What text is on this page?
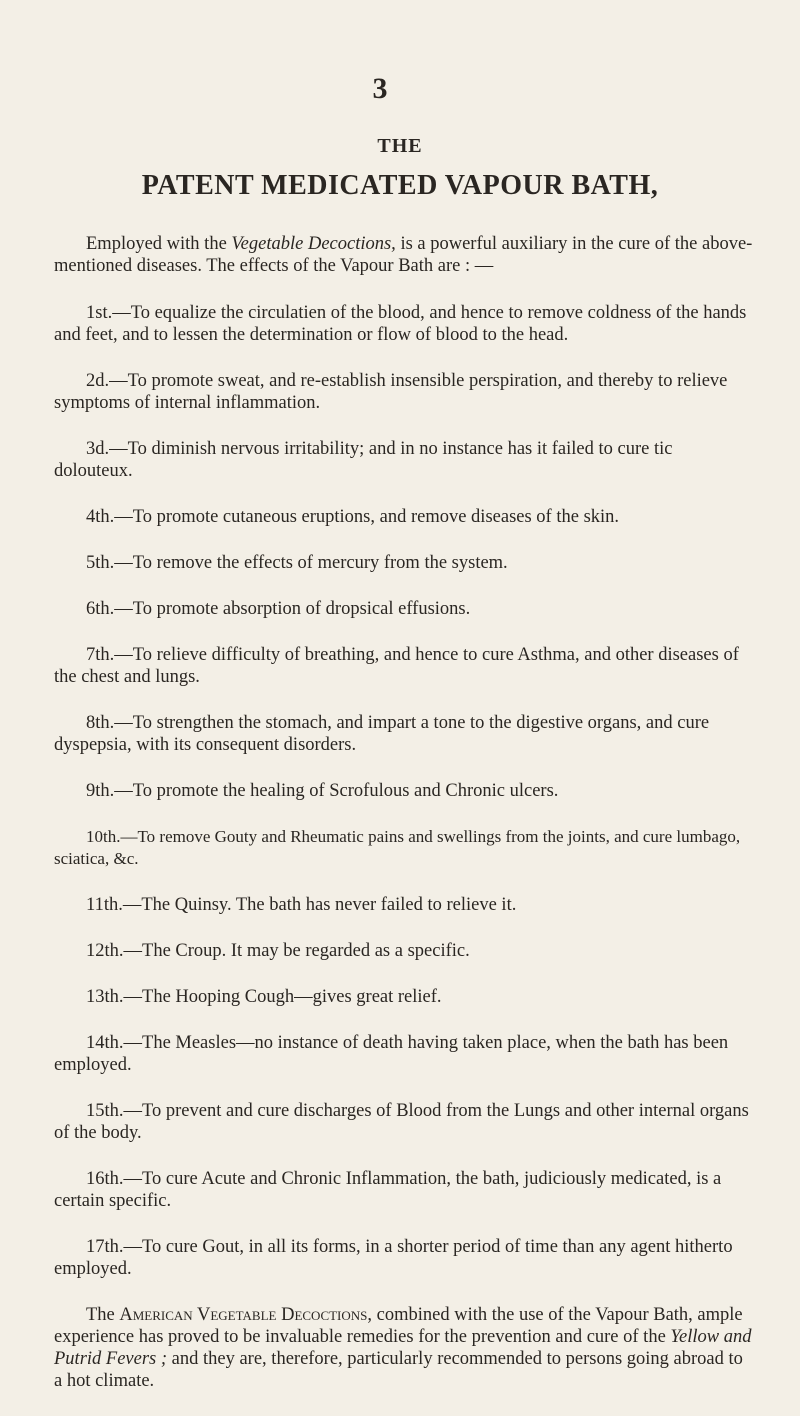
3
THE
PATENT MEDICATED VAPOUR BATH,

Employed with the Vegetable Decoctions, is a powerful auxiliary in the cure of the above-mentioned diseases. The effects of the Vapour Bath are : —

1st.—To equalize the circulatien of the blood, and hence to remove coldness of the hands and feet, and to lessen the determination or flow of blood to the head.

2d.—To promote sweat, and re-establish insensible perspiration, and thereby to relieve symptoms of internal inflammation.

3d.—To diminish nervous irritability; and in no instance has it failed to cure tic dolouteux.

4th.—To promote cutaneous eruptions, and remove diseases of the skin.

5th.—To remove the effects of mercury from the system.

6th.—To promote absorption of dropsical effusions.

7th.—To relieve difficulty of breathing, and hence to cure Asthma, and other diseases of the chest and lungs.

8th.—To strengthen the stomach, and impart a tone to the digestive organs, and cure dyspepsia, with its consequent disorders.

9th.—To promote the healing of Scrofulous and Chronic ulcers.

10th.—To remove Gouty and Rheumatic pains and swellings from the joints, and cure lumbago, sciatica, &c.

11th.—The Quinsy. The bath has never failed to relieve it.

12th.—The Croup. It may be regarded as a specific.

13th.—The Hooping Cough—gives great relief.

14th.—The Measles—no instance of death having taken place, when the bath has been employed.

15th.—To prevent and cure discharges of Blood from the Lungs and other internal organs of the body.

16th.—To cure Acute and Chronic Inflammation, the bath, judiciously medicated, is a certain specific.

17th.—To cure Gout, in all its forms, in a shorter period of time than any agent hitherto employed.

The American Vegetable Decoctions, combined with the use of the Vapour Bath, ample experience has proved to be invaluable remedies for the prevention and cure of the Yellow and Putrid Fevers ; and they are, therefore, particularly recommended to persons going abroad to a hot climate.
